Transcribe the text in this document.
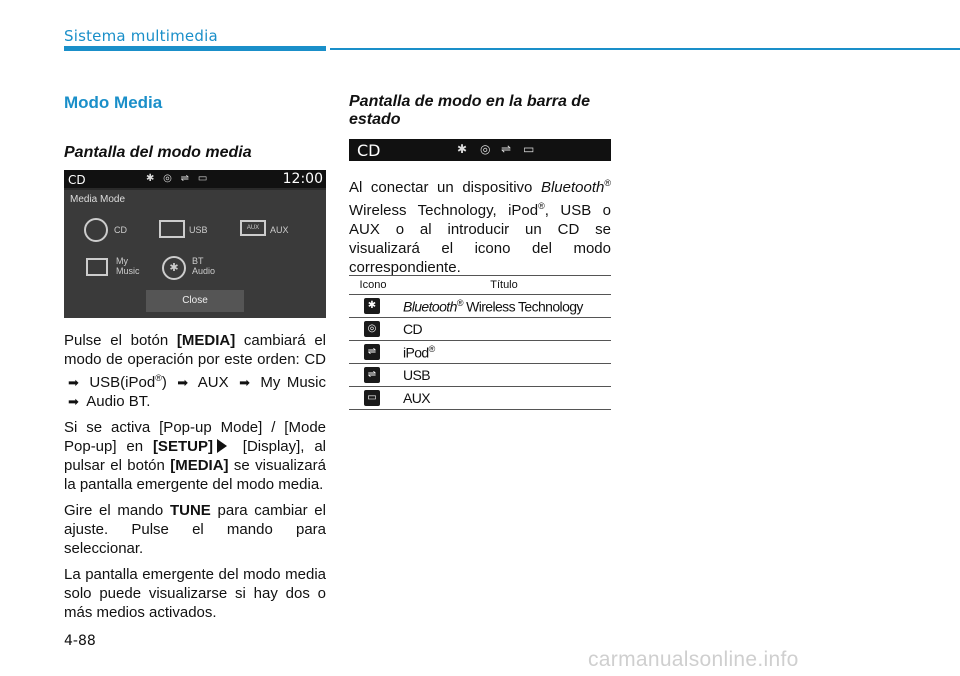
Sistema multimedia
Modo Media
Pantalla del modo media
CD	✱ ◎ ⇌ ▭	12:00
Media Mode
CD	USB	AUX	AUX
My
Music	✱
BT
Audio
Close

Pulse el botón [MEDIA] cambiará el modo de operación por este orden: CD ➡ USB(iPod®) ➡ AUX ➡ My Music ➡ Audio BT.

Si se activa [Pop-up Mode] / [Mode Pop-up] en [SETUP] [Display], al pulsar el botón [MEDIA] se visualizará la pantalla emergente del modo media.

Gire el mando TUNE para cambiar el ajuste. Pulse el mando para seleccionar.

La pantalla emergente del modo media solo puede visualizarse si hay dos o más medios activados.

Pantalla de modo en la barra de
estado
CD	✱ ◎ ⇌ ▭

Al conectar un dispositivo Bluetooth® Wireless Technology, iPod®, USB o AUX o al introducir un CD se visualizará el icono del modo correspondiente.

Icono	Título
✱ Bluetooth® Wireless Technology
◎ CD
⇌ iPod®
⇌ USB
▭ AUX
4-88
carmanualsonline.info
